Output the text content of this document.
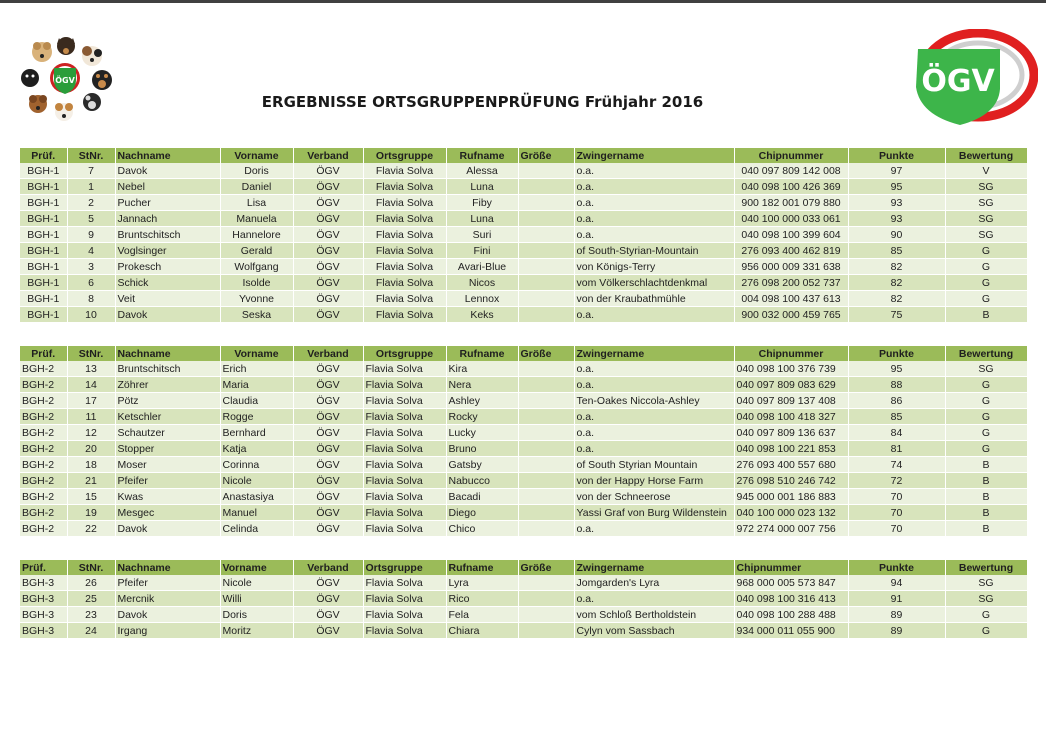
ÖGV
ERGEBNISSE ORTSGRUPPENPRÜFUNG Frühjahr 2016
ÖGV
Prüf.	StNr.	Nachname	Vorname	Verband	Ortsgruppe	Rufname	Größe	Zwingername	Chipnummer	Punkte	Bewertung
BGH-1	7	Davok	Doris	ÖGV	Flavia Solva	Alessa		o.a.	040 097 809 142 008	97	V
BGH-1	1	Nebel	Daniel	ÖGV	Flavia Solva	Luna		o.a.	040 098 100 426 369	95	SG
BGH-1	2	Pucher	Lisa	ÖGV	Flavia Solva	Fiby		o.a.	900 182 001 079 880	93	SG
BGH-1	5	Jannach	Manuela	ÖGV	Flavia Solva	Luna		o.a.	040 100 000 033 061	93	SG
BGH-1	9	Bruntschitsch	Hannelore	ÖGV	Flavia Solva	Suri		o.a.	040 098 100 399 604	90	SG
BGH-1	4	Voglsinger	Gerald	ÖGV	Flavia Solva	Fini		of South-Styrian-Mountain	276 093 400 462 819	85	G
BGH-1	3	Prokesch	Wolfgang	ÖGV	Flavia Solva	Avari-Blue		von Königs-Terry	956 000 009 331 638	82	G
BGH-1	6	Schick	Isolde	ÖGV	Flavia Solva	Nicos		vom Völkerschlachtdenkmal	276 098 200 052 737	82	G
BGH-1	8	Veit	Yvonne	ÖGV	Flavia Solva	Lennox		von der Kraubathmühle	004 098 100 437 613	82	G
BGH-1	10	Davok	Seska	ÖGV	Flavia Solva	Keks		o.a.	900 032 000 459 765	75	B
Prüf.	StNr.	Nachname	Vorname	Verband	Ortsgruppe	Rufname	Größe	Zwingername	Chipnummer	Punkte	Bewertung
BGH-2	13	Bruntschitsch	Erich	ÖGV	Flavia Solva	Kira		o.a.	040 098 100 376 739	95	SG
BGH-2	14	Zöhrer	Maria	ÖGV	Flavia Solva	Nera		o.a.	040 097 809 083 629	88	G
BGH-2	17	Pötz	Claudia	ÖGV	Flavia Solva	Ashley		Ten-Oakes Niccola-Ashley	040 097 809 137 408	86	G
BGH-2	11	Ketschler	Rogge	ÖGV	Flavia Solva	Rocky		o.a.	040 098 100 418 327	85	G
BGH-2	12	Schautzer	Bernhard	ÖGV	Flavia Solva	Lucky		o.a.	040 097 809 136 637	84	G
BGH-2	20	Stopper	Katja	ÖGV	Flavia Solva	Bruno		o.a.	040 098 100 221 853	81	G
BGH-2	18	Moser	Corinna	ÖGV	Flavia Solva	Gatsby		of South Styrian Mountain	276 093 400 557 680	74	B
BGH-2	21	Pfeifer	Nicole	ÖGV	Flavia Solva	Nabucco		von der Happy Horse Farm	276 098 510 246 742	72	B
BGH-2	15	Kwas	Anastasiya	ÖGV	Flavia Solva	Bacadi		von der Schneerose	945 000 001 186 883	70	B
BGH-2	19	Mesgec	Manuel	ÖGV	Flavia Solva	Diego		Yassi Graf von Burg Wildenstein	040 100 000 023 132	70	B
BGH-2	22	Davok	Celinda	ÖGV	Flavia Solva	Chico		o.a.	972 274 000 007 756	70	B
Prüf.	StNr.	Nachname	Vorname	Verband	Ortsgruppe	Rufname	Größe	Zwingername	Chipnummer	Punkte	Bewertung
BGH-3	26	Pfeifer	Nicole	ÖGV	Flavia Solva	Lyra		Jomgarden's Lyra	968 000 005 573 847	94	SG
BGH-3	25	Mercnik	Willi	ÖGV	Flavia Solva	Rico		o.a.	040 098 100 316 413	91	SG
BGH-3	23	Davok	Doris	ÖGV	Flavia Solva	Fela		vom Schloß Bertholdstein	040 098 100 288 488	89	G
BGH-3	24	Irgang	Moritz	ÖGV	Flavia Solva	Chiara		Cylyn vom Sassbach	934 000 011 055 900	89	G
